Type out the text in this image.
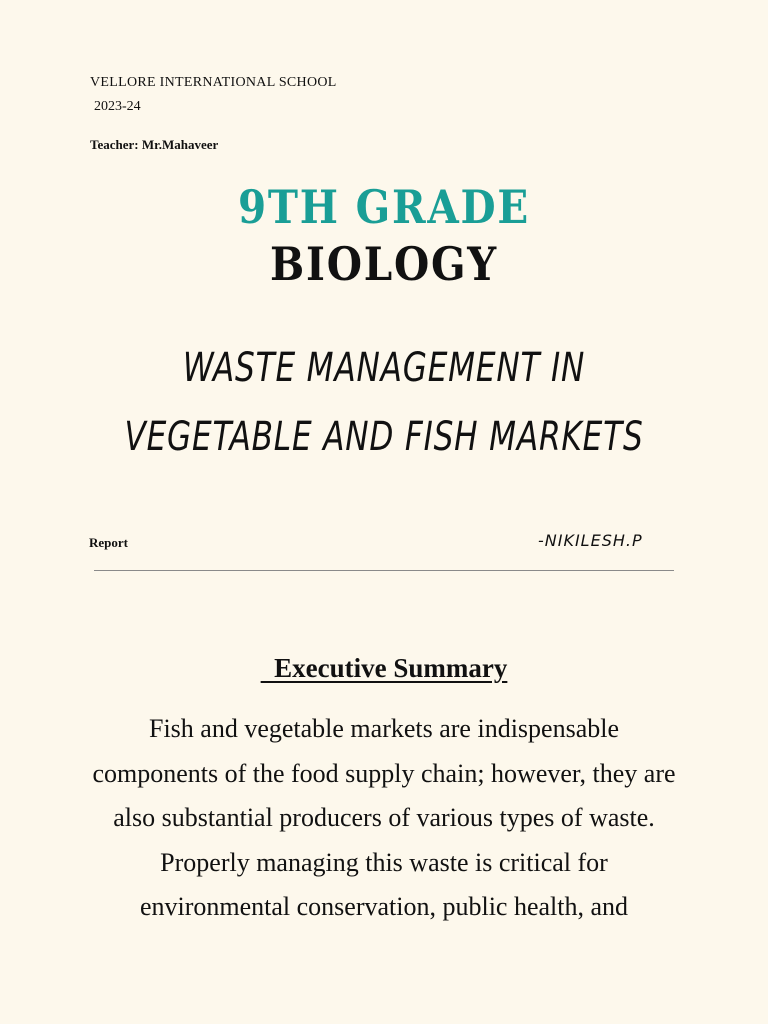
VELLORE INTERNATIONAL SCHOOL
2023-24
Teacher: Mr.Mahaveer
9TH GRADE
BIOLOGY
WASTE MANAGEMENT IN
VEGETABLE AND FISH MARKETS
Report	-NIKILESH.P
Executive Summary
Fish and vegetable markets are indispensable components of the food supply chain; however, they are also substantial producers of various types of waste. Properly managing this waste is critical for environmental conservation, public health, and
